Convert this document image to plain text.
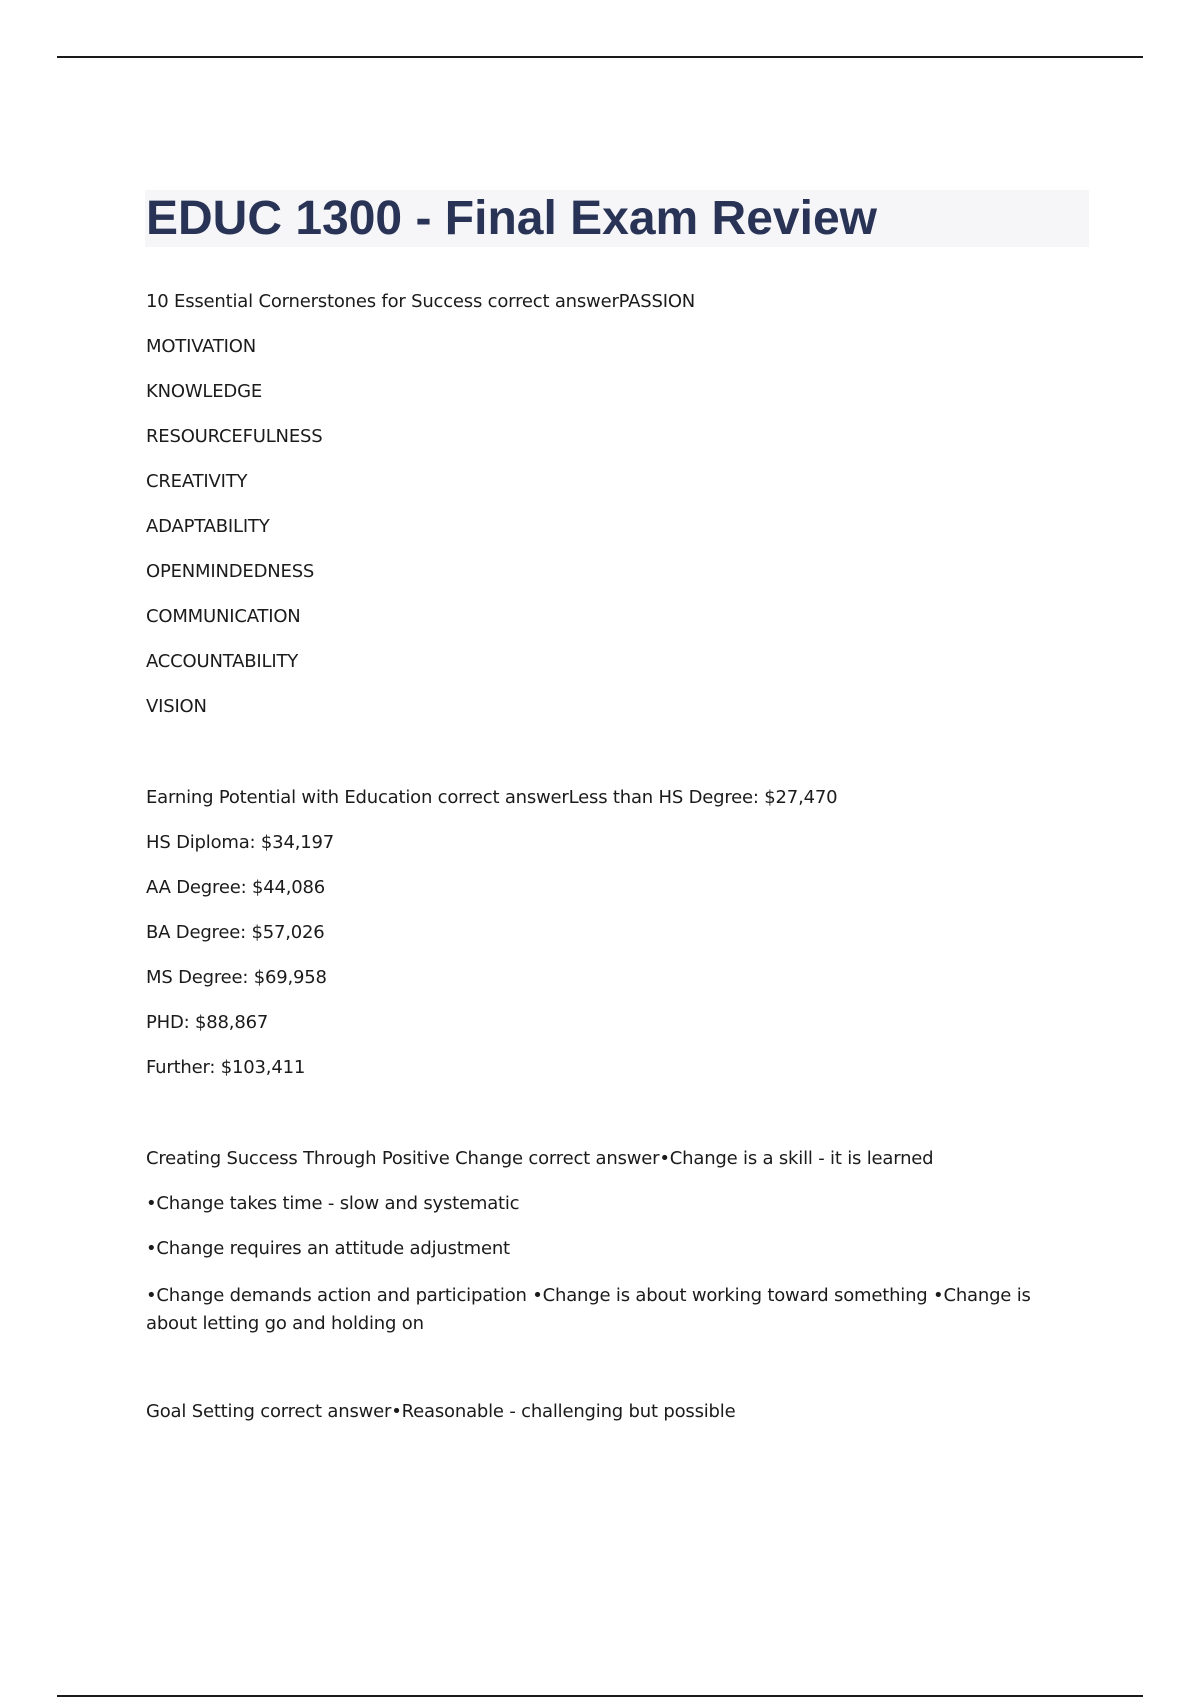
EDUC 1300 - Final Exam Review
10 Essential Cornerstones for Success correct answerPASSION
MOTIVATION
KNOWLEDGE
RESOURCEFULNESS
CREATIVITY
ADAPTABILITY
OPENMINDEDNESS
COMMUNICATION
ACCOUNTABILITY
VISION
Earning Potential with Education correct answerLess than HS Degree: $27,470
HS Diploma: $34,197
AA Degree: $44,086
BA Degree: $57,026
MS Degree: $69,958
PHD: $88,867
Further: $103,411
Creating Success Through Positive Change correct answer•Change is a skill - it is learned
•Change takes time - slow and systematic
•Change requires an attitude adjustment
•Change demands action and participation •Change is about working toward something •Change is about letting go and holding on
Goal Setting correct answer•Reasonable - challenging but possible
